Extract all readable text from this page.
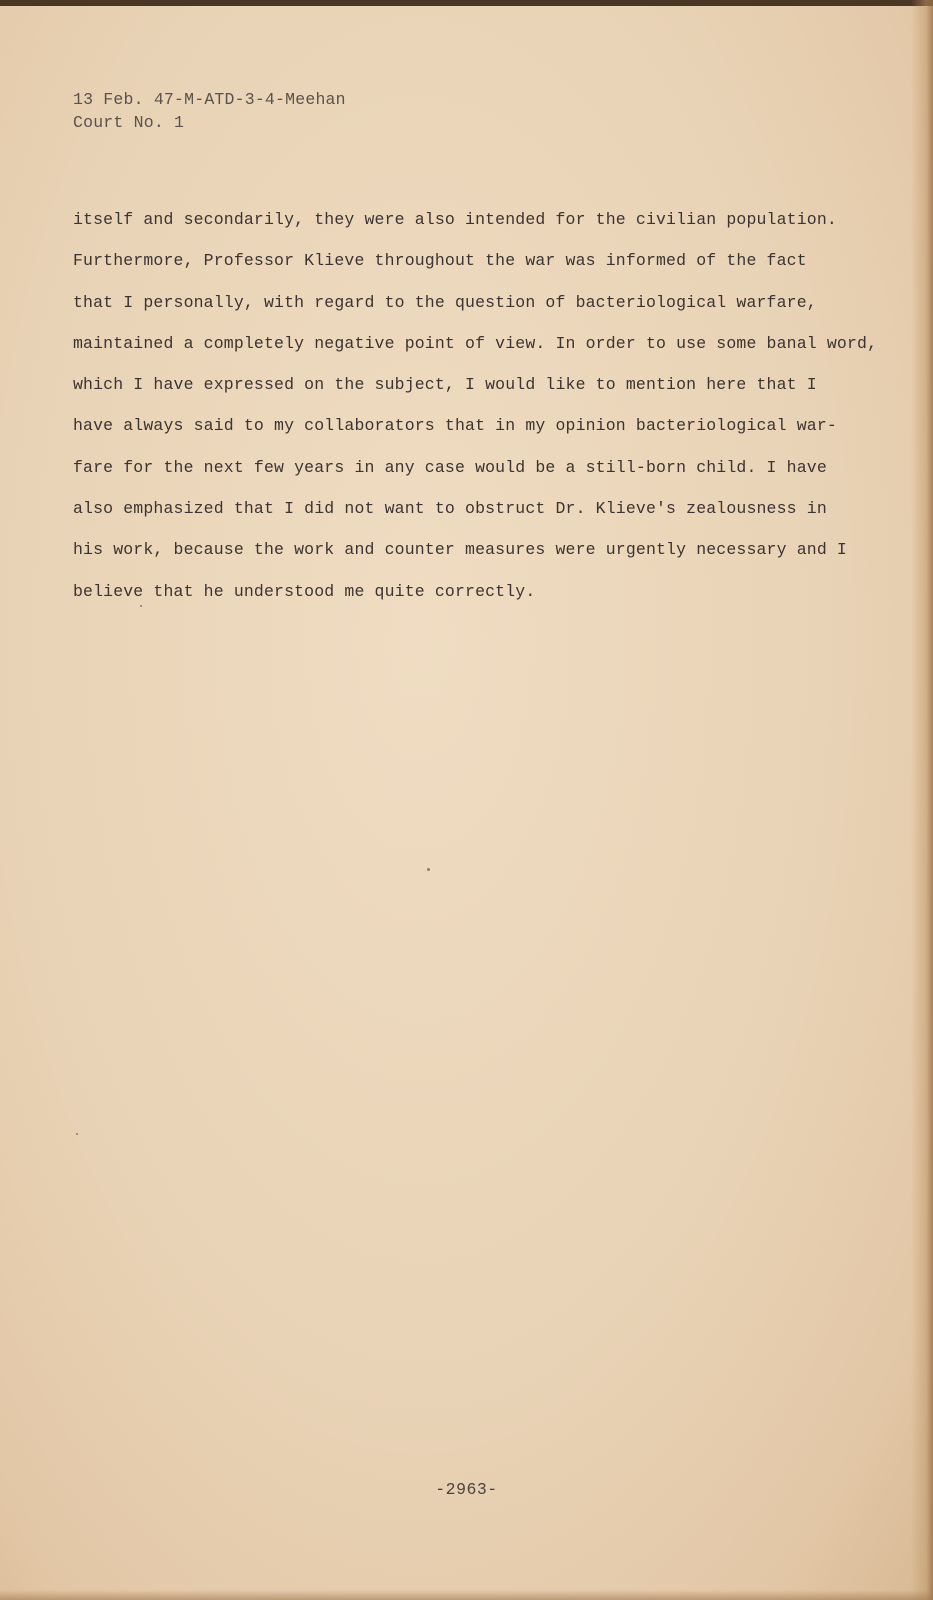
13 Feb. 47-M-ATD-3-4-Meehan
Court No. 1
itself and secondarily, they were also intended for the civilian population.
Furthermore, Professor Klieve throughout the war was informed of the fact
that I personally, with regard to the question of bacteriological warfare,
maintained a completely negative point of view. In order to use some banal word,
which I have expressed on the subject, I would like to mention here that I
have always said to my collaborators that in my opinion bacteriological war-
fare for the next few years in any case would be a still-born child. I have
also emphasized that I did not want to obstruct Dr. Klieve's zealousness in
his work, because the work and counter measures were urgently necessary and I
believe that he understood me quite correctly.
-2963-
